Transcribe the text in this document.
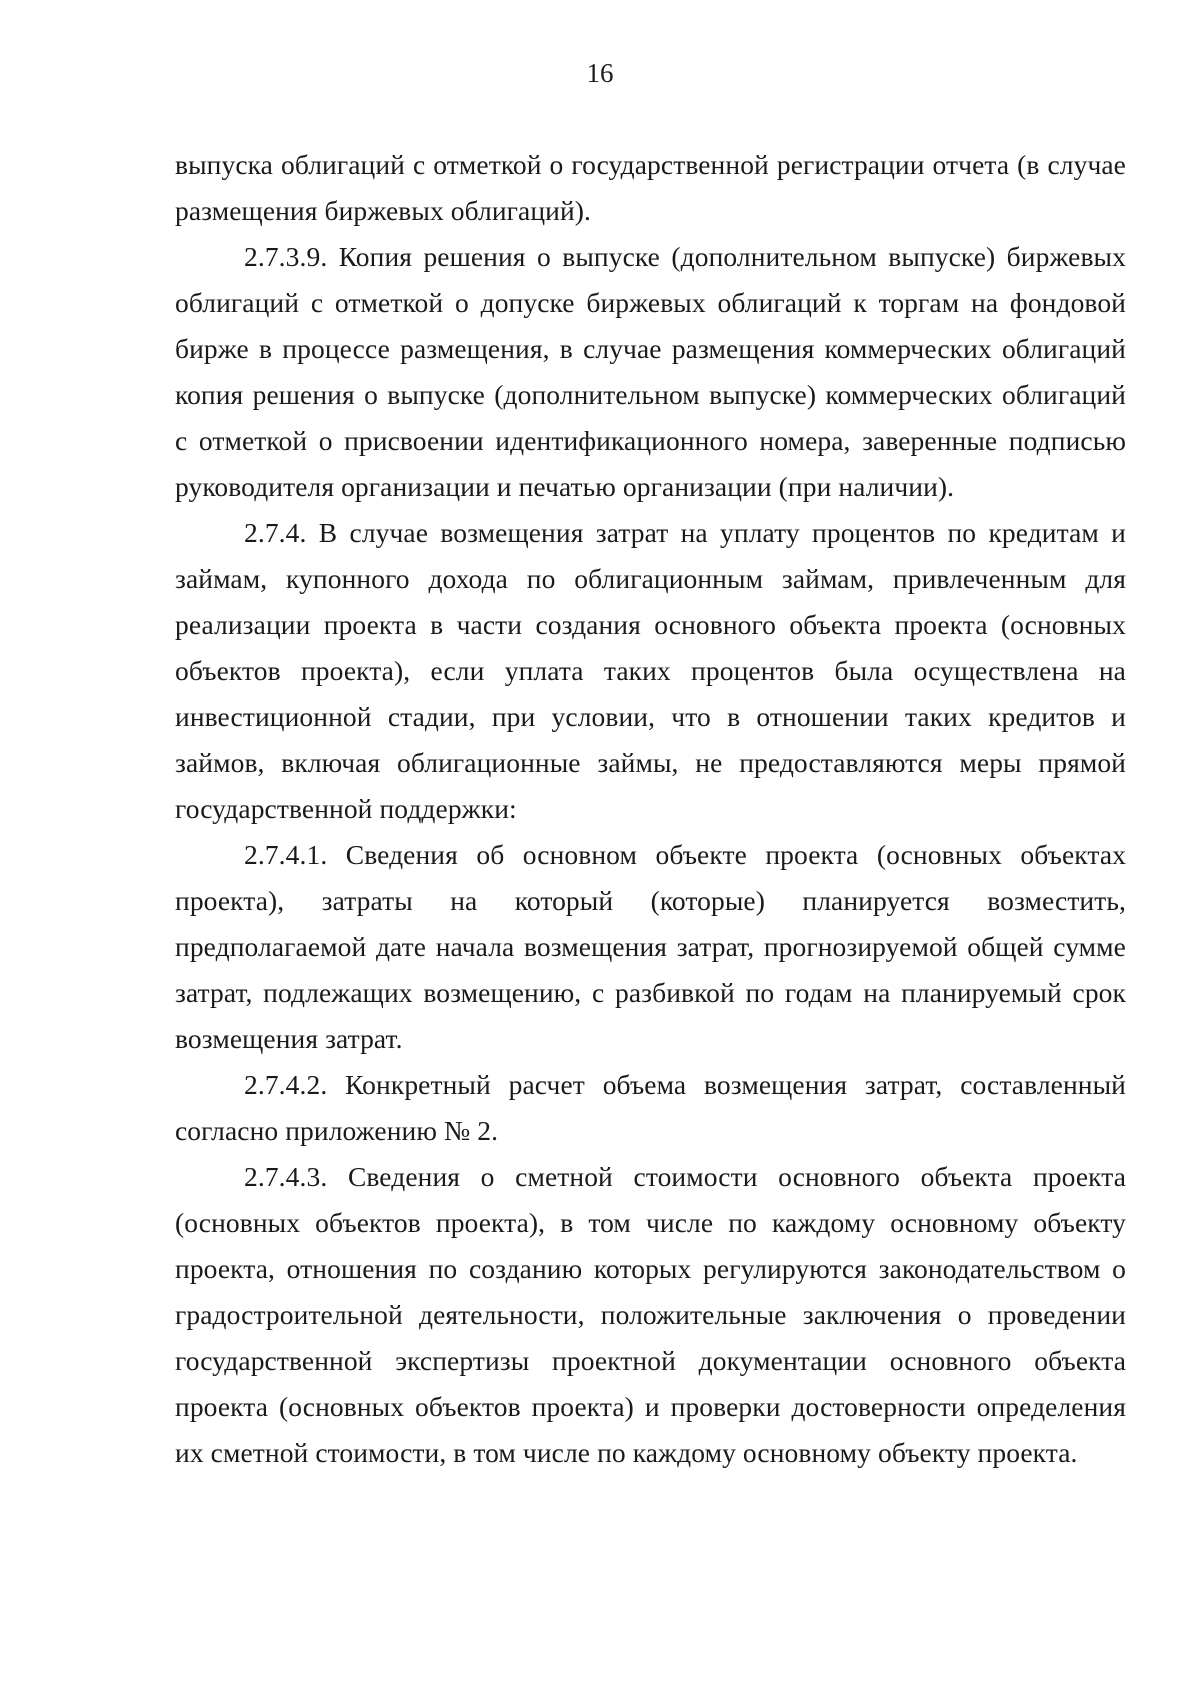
16

выпуска облигаций с отметкой о государственной регистрации отчета (в случае размещения биржевых облигаций).

2.7.3.9. Копия решения о выпуске (дополнительном выпуске) биржевых облигаций с отметкой о допуске биржевых облигаций к торгам на фондовой бирже в процессе размещения, в случае размещения коммерческих облигаций копия решения о выпуске (дополнительном выпуске) коммерческих облигаций с отметкой о присвоении идентификационного номера, заверенные подписью руководителя организации и печатью организации (при наличии).

2.7.4. В случае возмещения затрат на уплату процентов по кредитам и займам, купонного дохода по облигационным займам, привлеченным для реализации проекта в части создания основного объекта проекта (основных объектов проекта), если уплата таких процентов была осуществлена на инвестиционной стадии, при условии, что в отношении таких кредитов и займов, включая облигационные займы, не предоставляются меры прямой государственной поддержки:

2.7.4.1. Сведения об основном объекте проекта (основных объектах проекта), затраты на который (которые) планируется возместить, предполагаемой дате начала возмещения затрат, прогнозируемой общей сумме затрат, подлежащих возмещению, с разбивкой по годам на планируемый срок возмещения затрат.

2.7.4.2. Конкретный расчет объема возмещения затрат, составленный согласно приложению № 2.

2.7.4.3. Сведения о сметной стоимости основного объекта проекта (основных объектов проекта), в том числе по каждому основному объекту проекта, отношения по созданию которых регулируются законодательством о градостроительной деятельности, положительные заключения о проведении государственной экспертизы проектной документации основного объекта проекта (основных объектов проекта) и проверки достоверности определения их сметной стоимости, в том числе по каждому основному объекту проекта.
